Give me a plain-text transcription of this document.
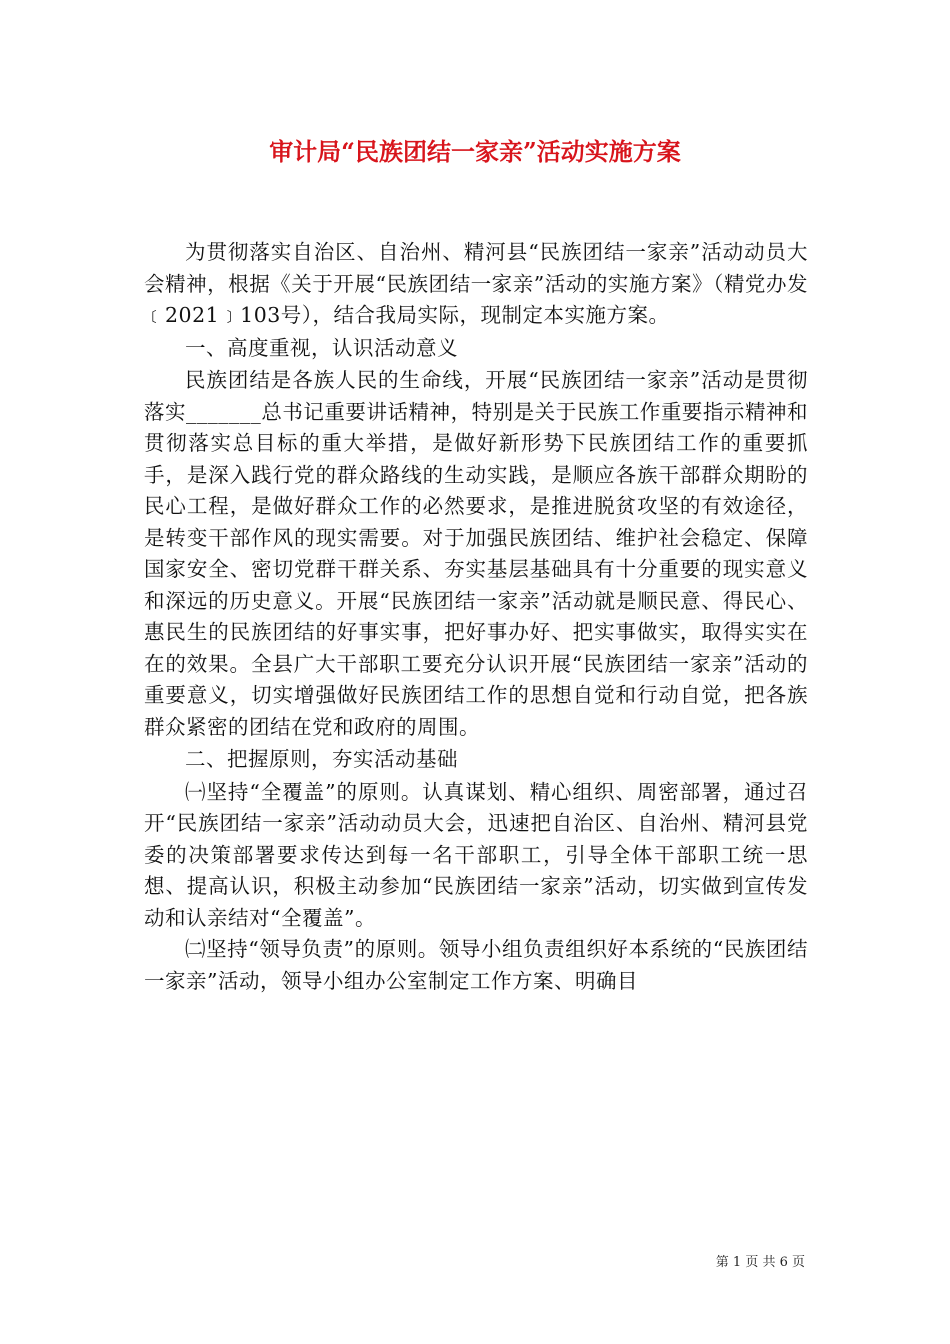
审计局“民族团结一家亲”活动实施方案

为贯彻落实自治区、自治州、精河县“民族团结一家亲”活动动员大会精神，根据《关于开展“民族团结一家亲”活动的实施方案》（精党办发﹝2021﹞103号），结合我局实际，现制定本实施方案。

一、高度重视，认识活动意义

民族团结是各族人民的生命线，开展“民族团结一家亲”活动是贯彻落实_______总书记重要讲话精神，特别是关于民族工作重要指示精神和贯彻落实总目标的重大举措，是做好新形势下民族团结工作的重要抓手，是深入践行党的群众路线的生动实践，是顺应各族干部群众期盼的民心工程，是做好群众工作的必然要求，是推进脱贫攻坚的有效途径，是转变干部作风的现实需要。对于加强民族团结、维护社会稳定、保障国家安全、密切党群干群关系、夯实基层基础具有十分重要的现实意义和深远的历史意义。开展“民族团结一家亲”活动就是顺民意、得民心、惠民生的民族团结的好事实事，把好事办好、把实事做实，取得实实在在的效果。全县广大干部职工要充分认识开展“民族团结一家亲”活动的重要意义，切实增强做好民族团结工作的思想自觉和行动自觉，把各族群众紧密的团结在党和政府的周围。

二、把握原则，夯实活动基础

㈠坚持“全覆盖”的原则。认真谋划、精心组织、周密部署，通过召开“民族团结一家亲”活动动员大会，迅速把自治区、自治州、精河县党委的决策部署要求传达到每一名干部职工，引导全体干部职工统一思想、提高认识，积极主动参加“民族团结一家亲”活动，切实做到宣传发动和认亲结对“全覆盖”。

㈡坚持“领导负责”的原则。领导小组负责组织好本系统的“民族团结一家亲”活动，领导小组办公室制定工作方案、明确目

第 1 页 共 6 页
